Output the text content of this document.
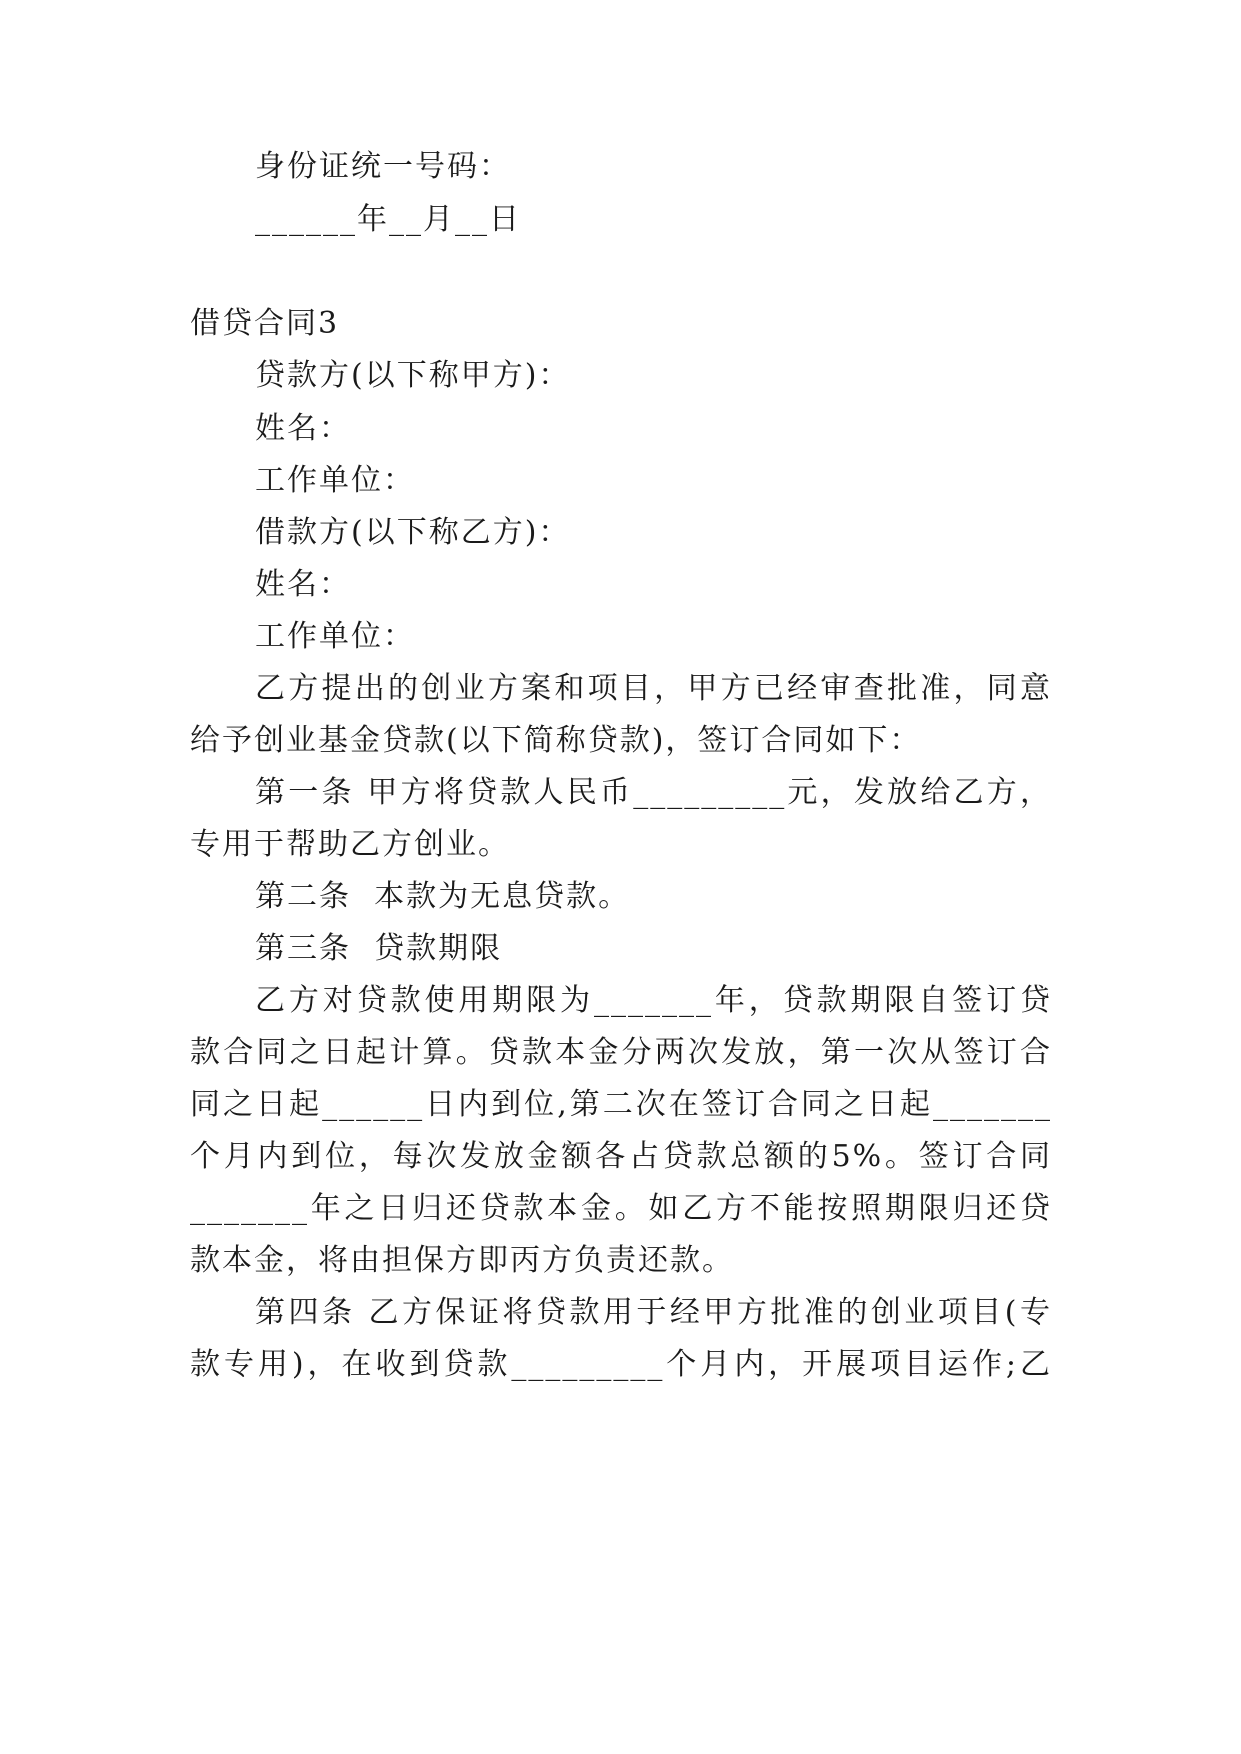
身份证统一号码：
______年__月__日
借贷合同3
贷款方(以下称甲方)：
姓名：
工作单位：
借款方(以下称乙方)：
姓名：
工作单位：
乙方提出的创业方案和项目，甲方已经审查批准，同意
给予创业基金贷款(以下简称贷款)，签订合同如下：
第一条 甲方将贷款人民币_________元，发放给乙方，
专用于帮助乙方创业。
第二条  本款为无息贷款。
第三条  贷款期限
乙方对贷款使用期限为_______年，贷款期限自签订贷
款合同之日起计算。贷款本金分两次发放，第一次从签订合
同之日起______日内到位,第二次在签订合同之日起_______
个月内到位，每次发放金额各占贷款总额的5%。签订合同
_______年之日归还贷款本金。如乙方不能按照期限归还贷
款本金，将由担保方即丙方负责还款。
第四条 乙方保证将贷款用于经甲方批准的创业项目(专
款专用)，在收到贷款_________个月内，开展项目运作;乙
